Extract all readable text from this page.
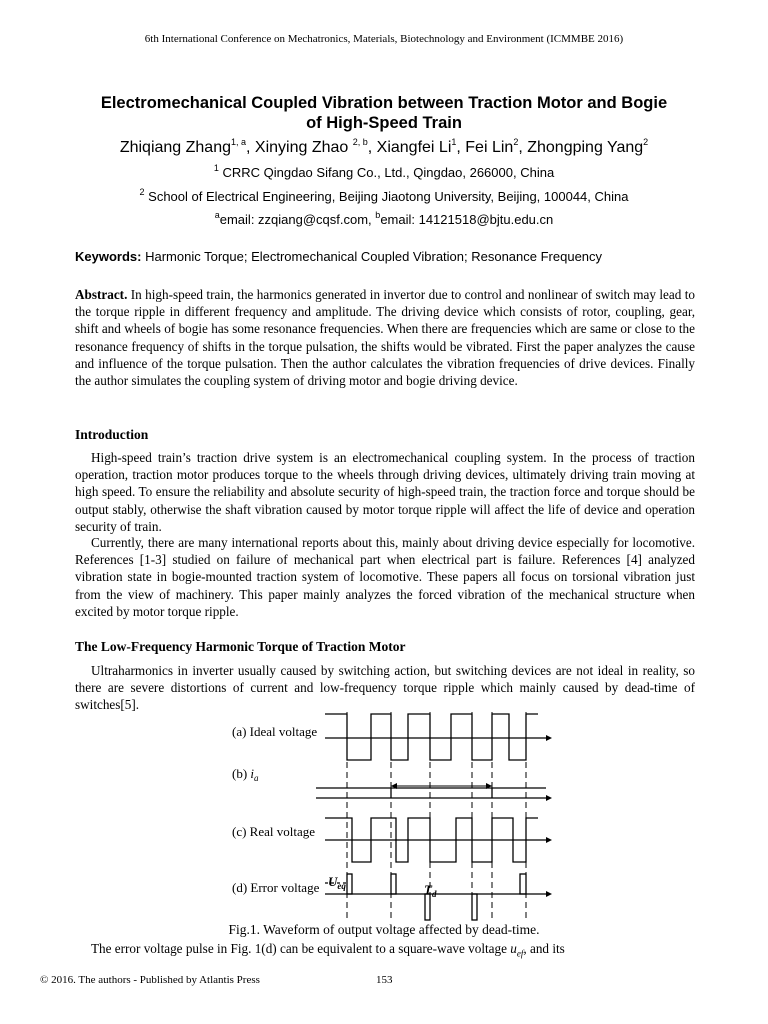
6th International Conference on Mechatronics, Materials, Biotechnology and Environment (ICMMBE 2016)
Electromechanical Coupled Vibration between Traction Motor and Bogie
of High-Speed Train
Zhiqiang Zhang$^{1, a}$, Xinying Zhao $^{2, b}$, Xiangfei Li$^1$, Fei Lin$^2$, Zhongping Yang$^2$
$^1$ CRRC Qingdao Sifang Co., Ltd., Qingdao, 266000, China
$^2$ School of Electrical Engineering, Beijing Jiaotong University, Beijing, 100044, China
$^a$email: zzqiang@cqsf.com, $^b$email: 14121518@bjtu.edu.cn
Keywords: Harmonic Torque; Electromechanical Coupled Vibration; Resonance Frequency
Abstract. In high-speed train, the harmonics generated in invertor due to control and nonlinear of switch may lead to the torque ripple in different frequency and amplitude. The driving device which consists of rotor, coupling, gear, shift and wheels of bogie has some resonance frequencies. When there are frequencies which are same or close to the resonance frequency of shifts in the torque pulsation, the shifts would be vibrated. First the paper analyzes the cause and influence of the torque pulsation. Then the author calculates the vibration frequencies of drive devices. Finally the author simulates the coupling system of driving motor and bogie driving device.
Introduction
High-speed train’s traction drive system is an electromechanical coupling system. In the process of traction operation, traction motor produces torque to the wheels through driving devices, ultimately driving train moving at high speed. To ensure the reliability and absolute security of high-speed train, the traction force and torque should be output stably, otherwise the shaft vibration caused by motor torque ripple will affect the life of device and operation security of train.
Currently, there are many international reports about this, mainly about driving device especially for locomotive. References [1-3] studied on failure of mechanical part when electrical part is failure. References [4] analyzed vibration state in bogie-mounted traction system of locomotive. These papers all focus on torsional vibration just from the view of machinery. This paper mainly analyzes the forced vibration of the mechanical structure when excited by motor torque ripple.
The Low-Frequency Harmonic Torque of Traction Motor
Ultraharmonics in inverter usually caused by switching action, but switching devices are not ideal in reality, so there are severe distortions of current and low-frequency torque ripple which mainly caused by dead-time of switches[5].
(a) Ideal voltage
(b) $i_a$
(c) Real voltage
(d) Error voltage $U_{eq}$	$T_d$
Fig.1. Waveform of output voltage affected by dead-time.
The error voltage pulse in Fig. 1(d) can be equivalent to a square-wave voltage $u_{ef}$, and its
© 2016. The authors - Published by Atlantis Press	153
